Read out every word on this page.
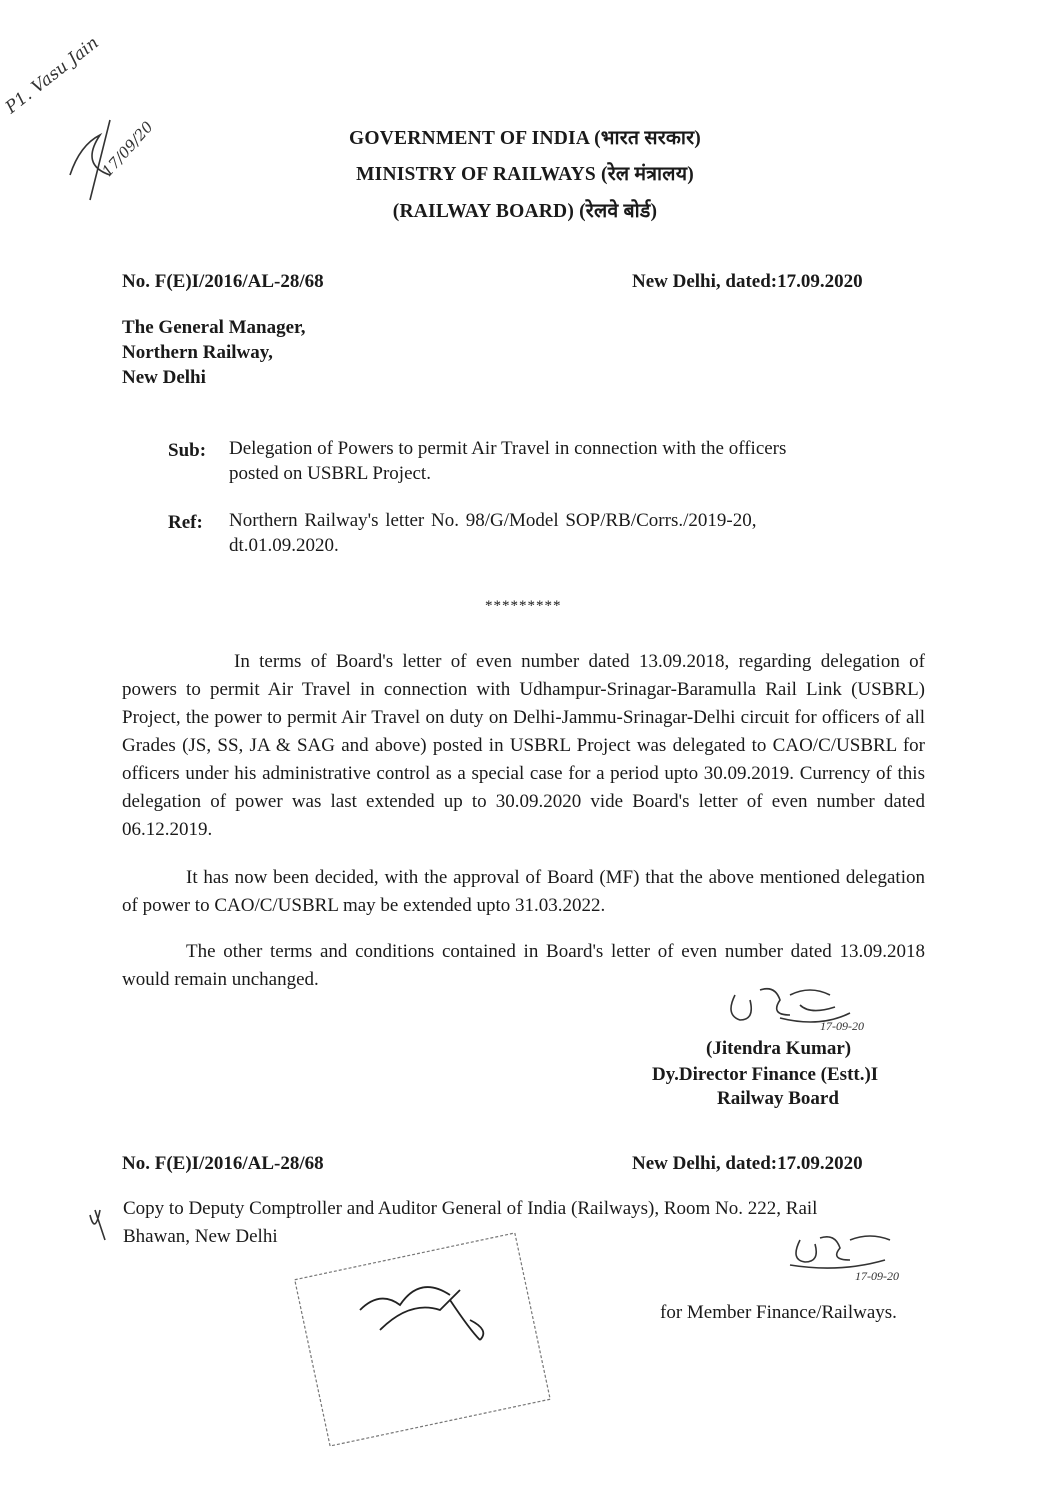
GOVERNMENT OF INDIA (भारत सरकार)
MINISTRY OF RAILWAYS (रेल मंत्रालय)
(RAILWAY BOARD) (रेलवे बोर्ड)
No. F(E)I/2016/AL-28/68	New Delhi, dated:17.09.2020
The General Manager,
Northern Railway,
New Delhi
Sub: Delegation of Powers to permit Air Travel in connection with the officers
posted on USBRL Project.
Ref: Northern Railway's letter No. 98/G/Model SOP/RB/Corrs./2019-20,
dt.01.09.2020.
*********
In terms of Board's letter of even number dated 13.09.2018, regarding delegation of powers to permit Air Travel in connection with Udhampur-Srinagar-Baramulla Rail Link (USBRL) Project, the power to permit Air Travel on duty on Delhi-Jammu-Srinagar-Delhi circuit for officers of all Grades (JS, SS, JA & SAG and above) posted in USBRL Project was delegated to CAO/C/USBRL for officers under his administrative control as a special case for a period upto 30.09.2019. Currency of this delegation of power was last extended up to 30.09.2020 vide Board's letter of even number dated 06.12.2019.
It has now been decided, with the approval of Board (MF) that the above mentioned delegation of power to CAO/C/USBRL may be extended upto 31.03.2022.
The other terms and conditions contained in Board's letter of even number dated 13.09.2018 would remain unchanged.
(Jitendra Kumar)
Dy.Director Finance (Estt.)I
Railway Board
No. F(E)I/2016/AL-28/68	New Delhi, dated:17.09.2020
Copy to Deputy Comptroller and Auditor General of India (Railways), Room No. 222, Rail
Bhawan, New Delhi
for Member Finance/Railways.
P1. Vasu Jain
17/09/20
17-09-20
17-09-20
